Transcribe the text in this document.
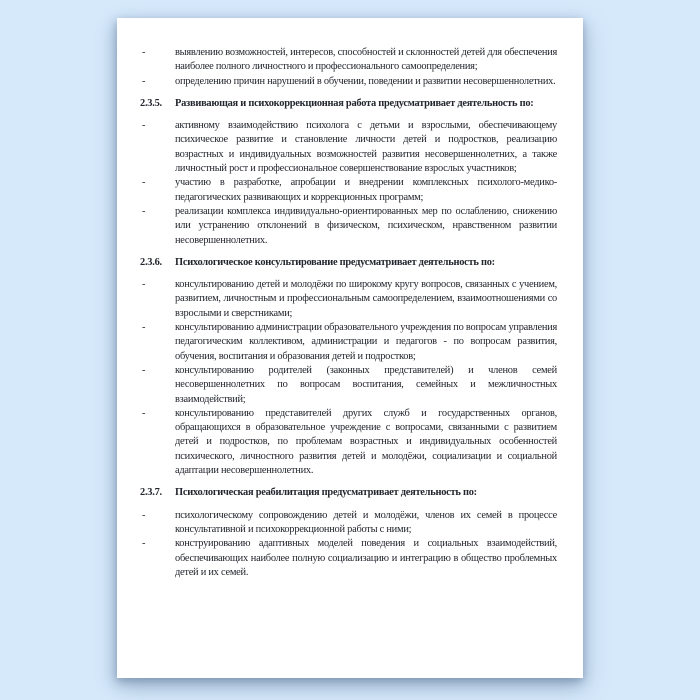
-	выявлению возможностей, интересов, способностей и склонностей детей для обеспечения наиболее полного личностного и профессионального самоопределения;
-	определению причин нарушений в обучении, поведении и развитии несовершеннолетних.
2.3.5.	Развивающая и психокоррекционная работа предусматривает деятельность по:
-	активному взаимодействию психолога с детьми и взрослыми, обеспечивающему психическое развитие и становление личности детей и подростков, реализацию возрастных и индивидуальных возможностей развития несовершеннолетних, а также личностный рост и профессиональное совершенствование взрослых участников;
-	участию в разработке, апробации и внедрении комплексных психолого-медико-педагогических развивающих и коррекционных программ;
-	реализации комплекса индивидуально-ориентированных мер по ослаблению, снижению или устранению отклонений в физическом, психическом, нравственном развитии несовершеннолетних.
2.3.6.	Психологическое консультирование предусматривает деятельность по:
-	консультированию детей и молодёжи по широкому кругу вопросов, связанных с учением, развитием, личностным и профессиональным самоопределением, взаимоотношениями со взрослыми и сверстниками;
-	консультированию администрации образовательного учреждения по вопросам управления педагогическим коллективом, администрации и педагогов - по вопросам развития, обучения, воспитания и образования детей и подростков;
-	консультированию родителей (законных представителей) и членов семей несовершеннолетних по вопросам воспитания, семейных и межличностных взаимодействий;
-	консультированию представителей других служб и государственных органов, обращающихся в образовательное учреждение с вопросами, связанными с развитием детей и подростков, по проблемам возрастных и индивидуальных особенностей психического, личностного развития детей и молодёжи, социализации и социальной адаптации несовершеннолетних.
2.3.7.	Психологическая реабилитация предусматривает деятельность по:
-	психологическому сопровождению детей и молодёжи, членов их семей в процессе консультативной и психокоррекционной работы с ними;
-	конструированию адаптивных моделей поведения и социальных взаимодействий, обеспечивающих наиболее полную социализацию и интеграцию в общество проблемных детей и их семей.
